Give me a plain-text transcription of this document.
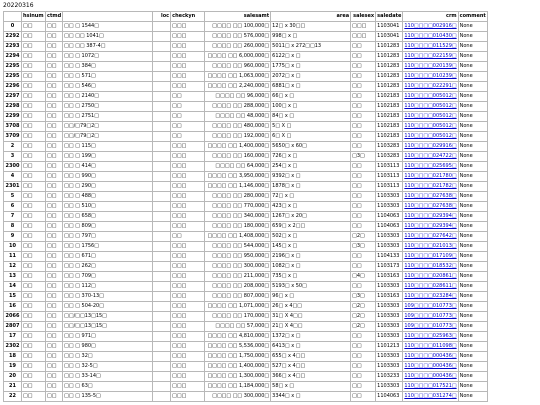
20220316
	hsinum	ctmd		loc	checkyn	salesamt	area	salesex	saledate	crm	comment
0	□□	□□	□□ □ 1544□		□□□	□□□□ □□ 100,000□	12□ x 30□□	□□□	1103041	110□□□□002916□	None
2292	□□	□□	□□ □□ 1041□		□□□	□□□□ □□ 576,000□	998□ x □	□□□	1103041	110□□□□010430□	None
2293	□□	□□	□□ □□ 387-4□		□□□	□□□□ □□ 260,000□	5011□ x 272□□13	□□	1101283	110□□□□011529□	None
2294	□□	□□	□□ □ 1072□		□□□	□□□□ □□ 6,000,000□	6122□ x □	□□	1101283	110□□□□022159□	None
2295	□□	□□	□□ □ 384□		□□□	□□□□ □□ 960,000□	1775□ x □	□□	1101283	110□□□□020139□	None
2295	□□	□□	□□ □ 571□		□□□	□□□□ □□ 1,063,000□	2072□ x □	□□	1101283	110□□□□010239□	None
2296	□□	□□	□□ □ 546□		□□□	□□□□ □□ 2,240,000□	6881□ x □	□□	1101283	110□□□□022291□	None
2297	□□	□□	□□ □ 2140□		□□	□□□□ □□ 96,000□	66□ x □	□□	1102183	110□□□□005012□	None
2298	□□	□□	□□ □ 2750□		□□	□□□□ □□ 288,000□	100□ x □	□□	1102183	110□□□□005012□	None
2299	□□	□□	□□ □ 2751□		□□	□□□□ □□ 48,000□	84□ x □	□□	1102183	110□□□□005012□	None
3708	□□	□□	□□/□79□2□		□□	□□□□ □□ 480,000□	5□ X □	□□	1102183	110□□□□005012□	None
3709	□□	□□	□□/□79□2□		□□	□□□□ □□ 192,000□	6□ X □	□□	1102183	110□□□□005012□	None
2	□□	□□	□□ □ 115□		□□□	□□□□ □□ 1,400,000□	5650□ x 60□	□□	1103283	110□□□□029916□	None
3	□□	□□	□□ □ 199□		□□□	□□□□ □□ 160,000□	726□ x □	□3□	1103283	110□□□□024722□	None
2300	□□	□□	□□ □ 414□		□□□	□□□□ □□ 64,000□	254□ x □	□□	1103113	110□□□□025695□	None
4	□□	□□	□□ □ 990□		□□□	□□□□ □□ 3,950,000□	9392□ x □	□□	1103113	110□□□□021780□	None
2301	□□	□□	□□ □ 290□		□□□	□□□□ □□ 1,146,000□	1878□ x □	□□	1103113	110□□□□021782□	None
5	□□	□□	□□ □ 488□		□□□	□□□□ □□ 280,000□	72□ x □	□□	1103303	110□□□□027638□	None
6	□□	□□	□□ □ 510□		□□□	□□□□ □□ 770,000□	423□ x □	□□	1103303	110□□□□027638□	None
7	□□	□□	□□ □ 658□		□□□	□□□□ □□ 340,000□	1267□ x 20□	□□	1104063	110□□□□029394□	None
8	□□	□□	□□ □ 809□		□□□	□□□□ □□ 180,000□	659□ x 2□□	□□	1104063	110□□□□029394□	None
9	□□	□□	□□ □ 797□		□□	□□□□ □□ 1,408,000□	502□ x □	□2□	1103303	110□□□□027642□	None
10	□□	□□	□□ □ 1756□		□□□	□□□□ □□ 544,000□	145□ x □	□3□	1103303	110□□□□021013□	None
11	□□	□□	□□ □ 671□		□□□	□□□□ □□ 950,000□	2196□ x □	□□	1104133	110□□□□017109□	None
12	□□	□□	□□ □ 262□		□□□	□□□□ □□ 300,000□	1082□ x □	□□	1103173	110□□□□018532□	None
13	□□	□□	□□ □ 709□		□□□	□□□□ □□ 211,000□	735□ x □	□4□	1103163	110□□□□020861□	None
14	□□	□□	□□ □ 112□		□□□	□□□□ □□ 208,000□	5193□ x 50□	□□	1103303	110□□□□028611□	None
15	□□	□□	□□ □ 370-13□		□□□	□□□□ □□ 807,000□	96□ x □	□3□	1103163	110□□□□023284□	None
16	□□	□□	□□ □ 504-20□		□□□	□□□□ □□ 1,071,000□	26□ x 4□□	□2□	1103303	109□□□□010773□	None
2066	□□	□□	□□/□□13□15□		□□□	□□□□ □□ 170,000□	31□ X 4□□	□2□	1103303	109□□□□010773□	None
2807	□□	□□	□□/□□13□15□		□□□	□□□□ □□ 57,000□	21□ X 4□□	□2□	1103303	109□□□□010773□	None
17	□□	□□	□□ □ 971□		□□□	□□□□ □□ 4,810,000□	1372□ x □	□□	1103303	110□□□□025963□	None
2302	□□	□□	□□ □ 980□		□□□	□□□□ □□ 5,536,000□	6413□ x □	□□	1101213	110□□□□011098□	None
18	□□	□□	□□ □ 32□		□□□	□□□□ □□ 1,750,000□	655□ x 4□□	□□	1103303	110□□□□000436□	None
19	□□	□□	□□ □ 32-5□		□□□	□□□□ □□ 1,400,000□	527□ x 4□□	□□	1103303	110□□□□000436□	None
20	□□	□□	□□ □ 33-14□		□□□	□□□□ □□ 1,300,000□	366□ x 4□□	□□	1103233	110□□□□000436□	None
21	□□	□□	□□ □ 63□		□□□	□□□□ □□ 1,184,000□	58□ x □	□□	1103303	110□□□□017521□	None
22	□□	□□	□□ □ 135-5□		□□□	□□□□ □□ 300,000□	3344□ x □	□□	1104063	110□□□□031274□	None
